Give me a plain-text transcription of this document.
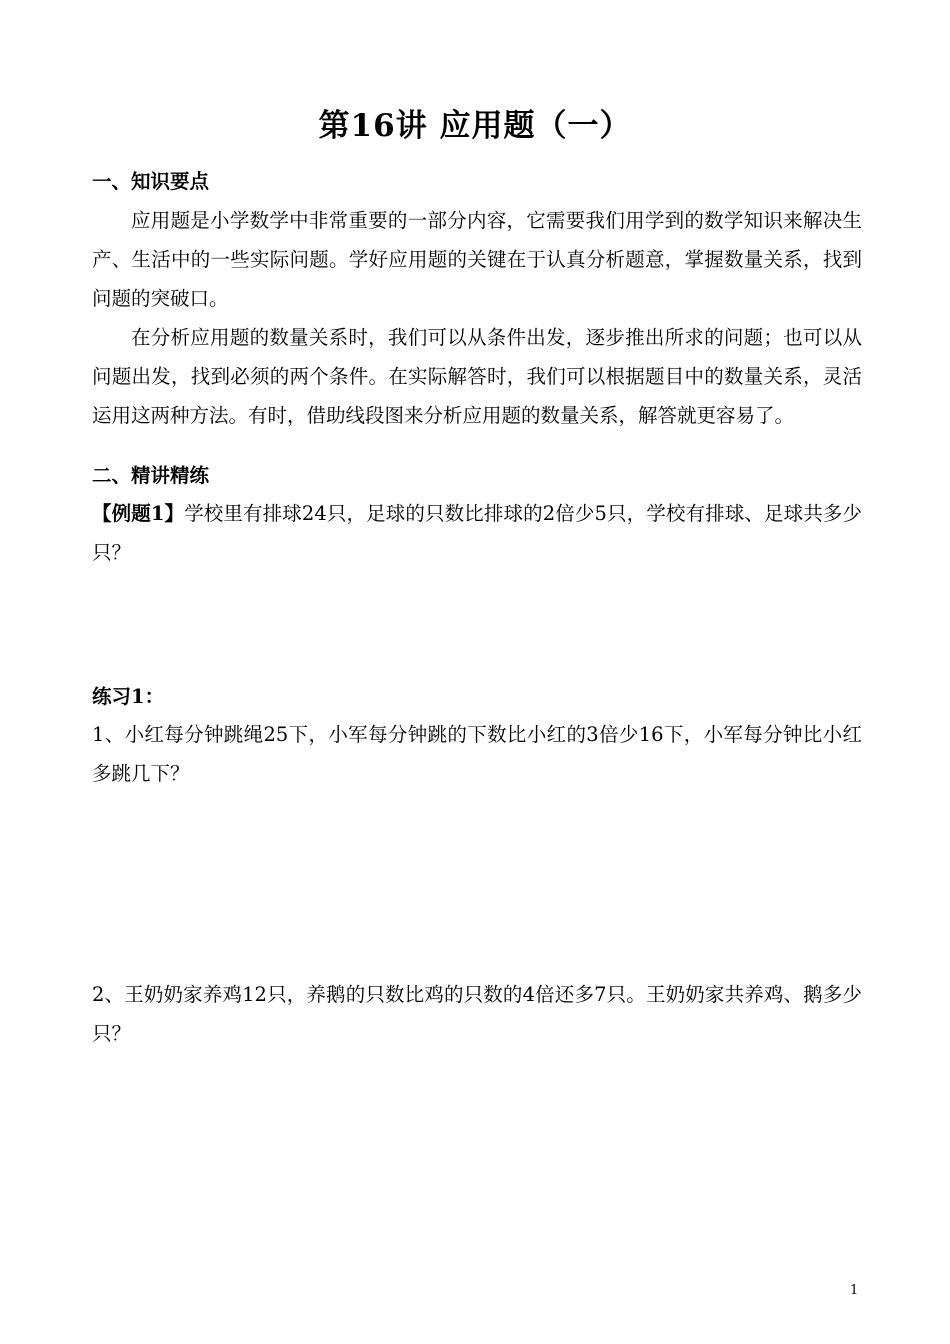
第16讲 应用题（一）
一、知识要点
应用题是小学数学中非常重要的一部分内容，它需要我们用学到的数学知识来解决生产、生活中的一些实际问题。学好应用题的关键在于认真分析题意，掌握数量关系，找到问题的突破口。
在分析应用题的数量关系时，我们可以从条件出发，逐步推出所求的问题；也可以从问题出发，找到必须的两个条件。在实际解答时，我们可以根据题目中的数量关系，灵活运用这两种方法。有时，借助线段图来分析应用题的数量关系，解答就更容易了。
二、精讲精练
【例题1】学校里有排球24只，足球的只数比排球的2倍少5只，学校有排球、足球共多少只？
练习1：
1、小红每分钟跳绳25下，小军每分钟跳的下数比小红的3倍少16下，小军每分钟比小红多跳几下？
2、王奶奶家养鸡12只，养鹅的只数比鸡的只数的4倍还多7只。王奶奶家共养鸡、鹅多少只？
1
